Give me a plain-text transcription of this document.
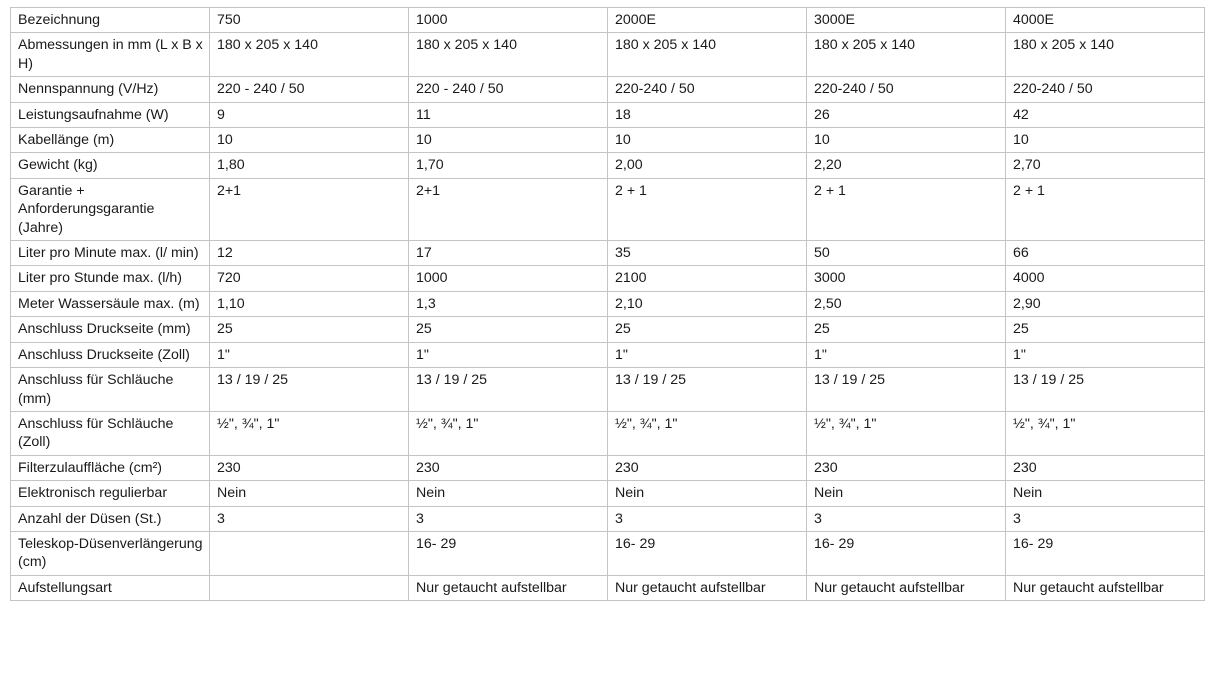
Bezeichnung	750	1000	2000E	3000E	4000E
Abmessungen in mm (L x B x H)	180 x 205 x 140	180 x 205 x 140	180 x 205 x 140	180 x 205 x 140	180 x 205 x 140
Nennspannung (V/Hz)	220 - 240 / 50	220 - 240 / 50	220-240 / 50	220-240 / 50	220-240 / 50
Leistungsaufnahme (W)	9	11	18	26	42
Kabellänge (m)	10	10	10	10	10
Gewicht (kg)	1,80	1,70	2,00	2,20	2,70
Garantie + Anforderungsgarantie (Jahre)	2+1	2+1	2 + 1	2 + 1	2 + 1
Liter pro Minute max. (l/ min)	12	17	35	50	66
Liter pro Stunde max. (l/h)	720	1000	2100	3000	4000
Meter Wassersäule max. (m)	1,10	1,3	2,10	2,50	2,90
Anschluss Druckseite (mm)	25	25	25	25	25
Anschluss Druckseite (Zoll)	1"	1"	1"	1"	1"
Anschluss für Schläuche (mm)	13 / 19 / 25	13 / 19 / 25	13 / 19 / 25	13 / 19 / 25	13 / 19 / 25
Anschluss für Schläuche (Zoll)	½", ¾", 1"	½", ¾", 1"	½", ¾", 1"	½", ¾", 1"	½", ¾", 1"
Filterzulauffläche (cm²)	230	230	230	230	230
Elektronisch regulierbar	Nein	Nein	Nein	Nein	Nein
Anzahl der Düsen (St.)	3	3	3	3	3
Teleskop-Düsenverlängerung (cm)		16- 29	16- 29	16- 29	16- 29
Aufstellungsart		Nur getaucht aufstellbar	Nur getaucht aufstellbar	Nur getaucht aufstellbar	Nur getaucht aufstellbar
